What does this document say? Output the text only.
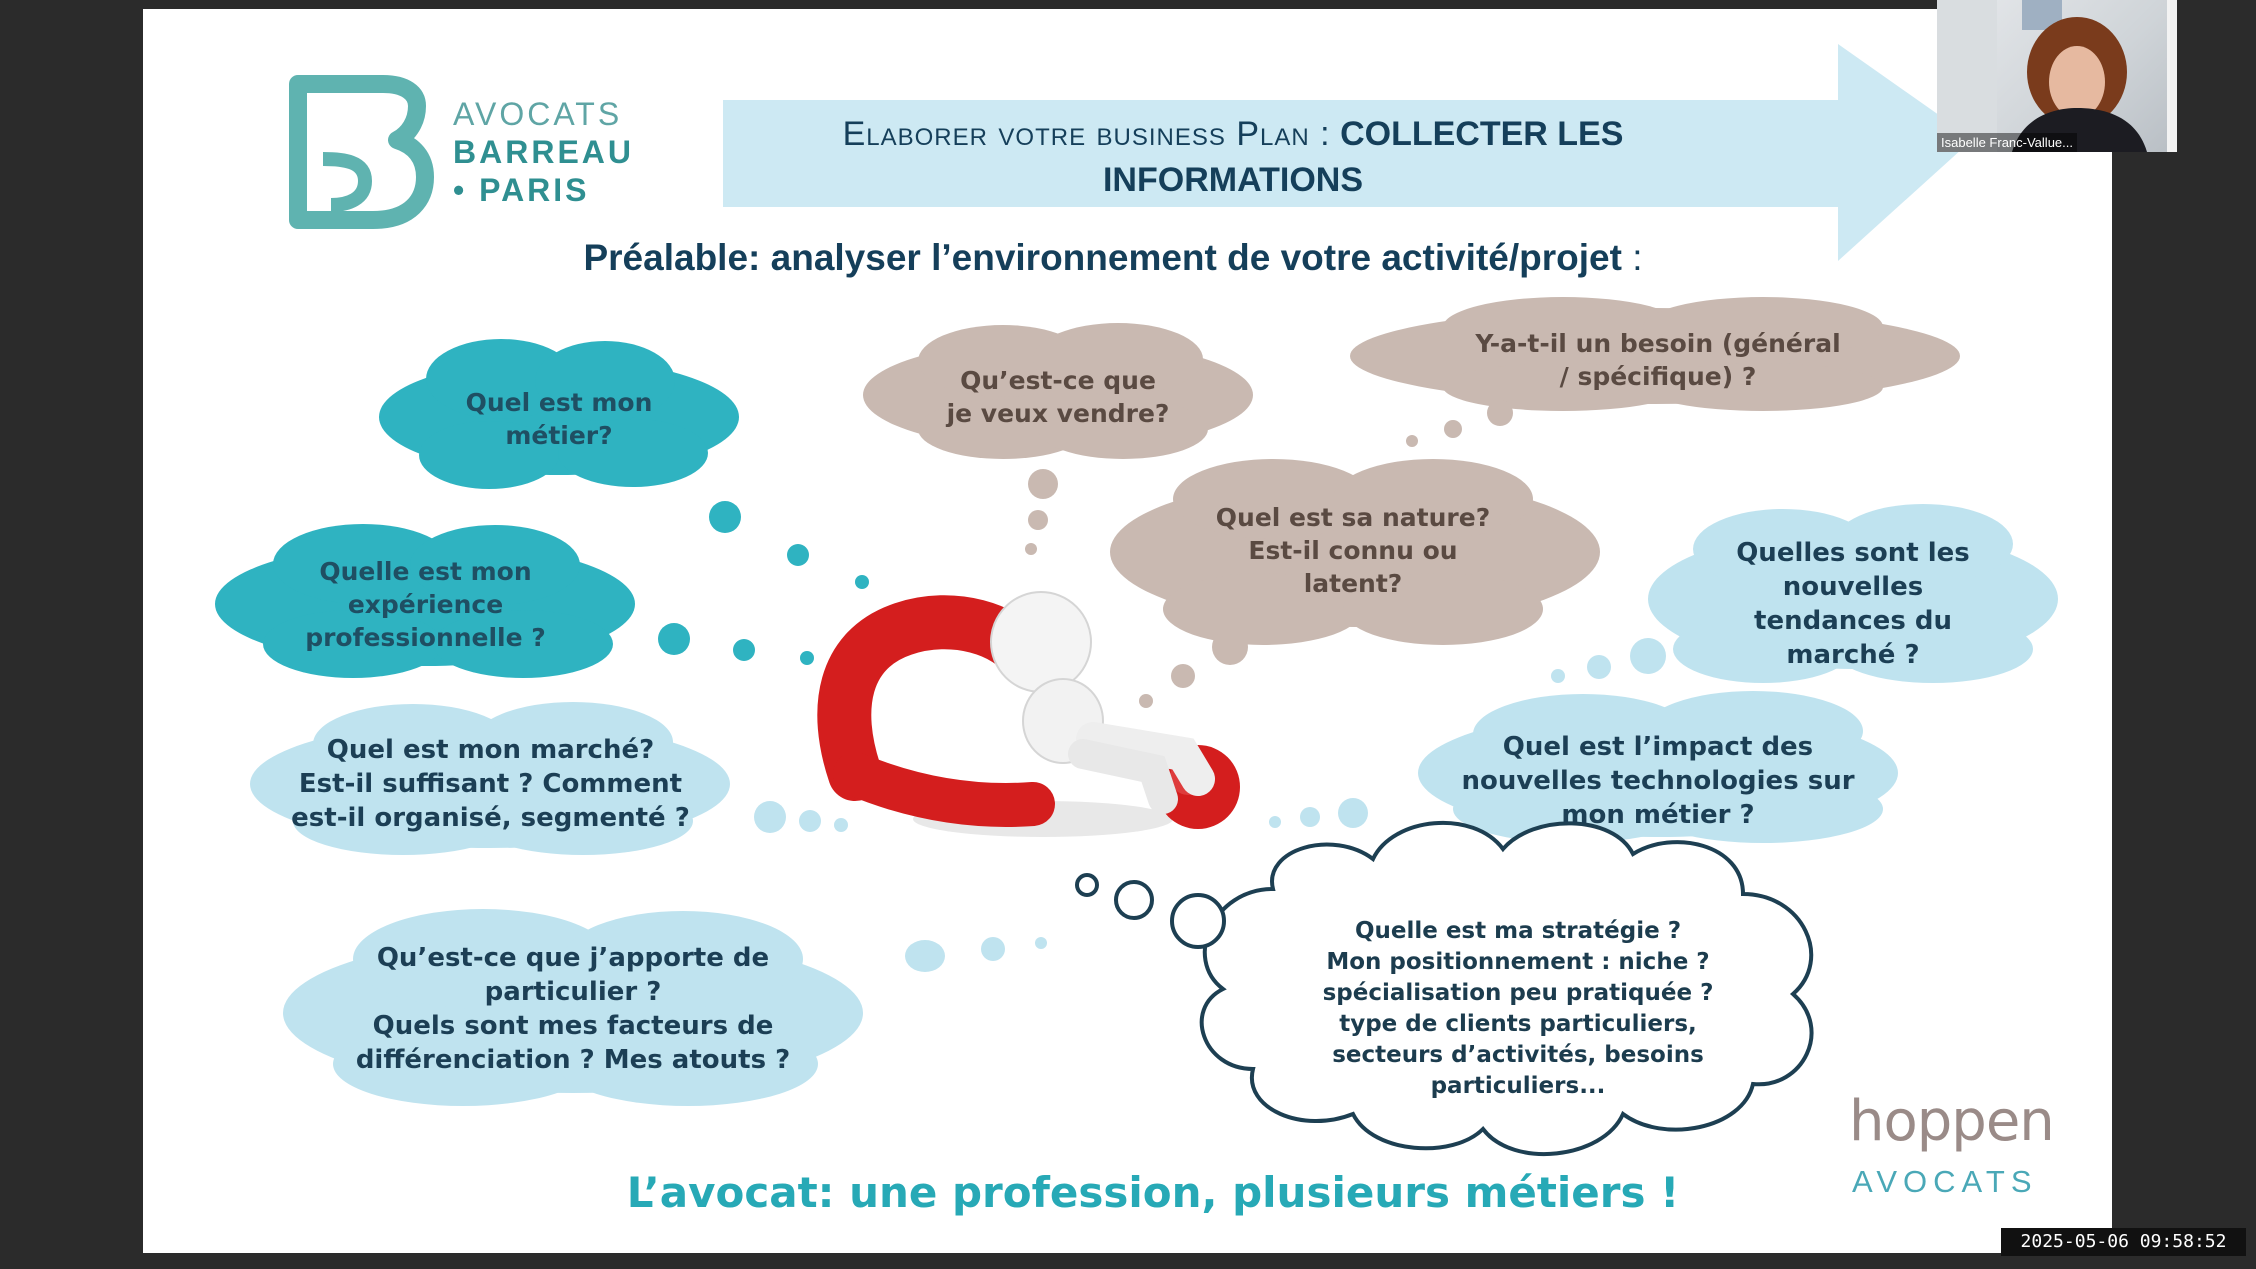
AVOCATS
BARREAU
• PARIS
Elaborer votre business Plan : COLLECTER LES INFORMATIONS
Préalable: analyser l’environnement de votre activité/projet :
Quel est mon
métier?
Quelle est mon
expérience
professionnelle ?
Quel est mon marché?
Est-il suffisant ? Comment
est-il organisé, segmenté ?
Qu’est-ce que j’apporte de
particulier ?
Quels sont mes facteurs de
différenciation ? Mes atouts ?
Qu’est-ce que
je veux vendre?
Y-a-t-il un besoin (général
/ spécifique) ?
Quel est sa nature?
Est-il connu ou
latent?
Quelles sont les
nouvelles
tendances du
marché ?
Quel est l’impact des
nouvelles technologies sur
mon métier ?
Quelle est ma stratégie ?
Mon positionnement : niche ?
spécialisation peu pratiquée ?
type de clients particuliers,
secteurs d’activités, besoins
particuliers...
L’avocat: une profession, plusieurs métiers !
hoppen
AVOCATS
Isabelle Franc-Vallue...
2025-05-06 09:58:52
